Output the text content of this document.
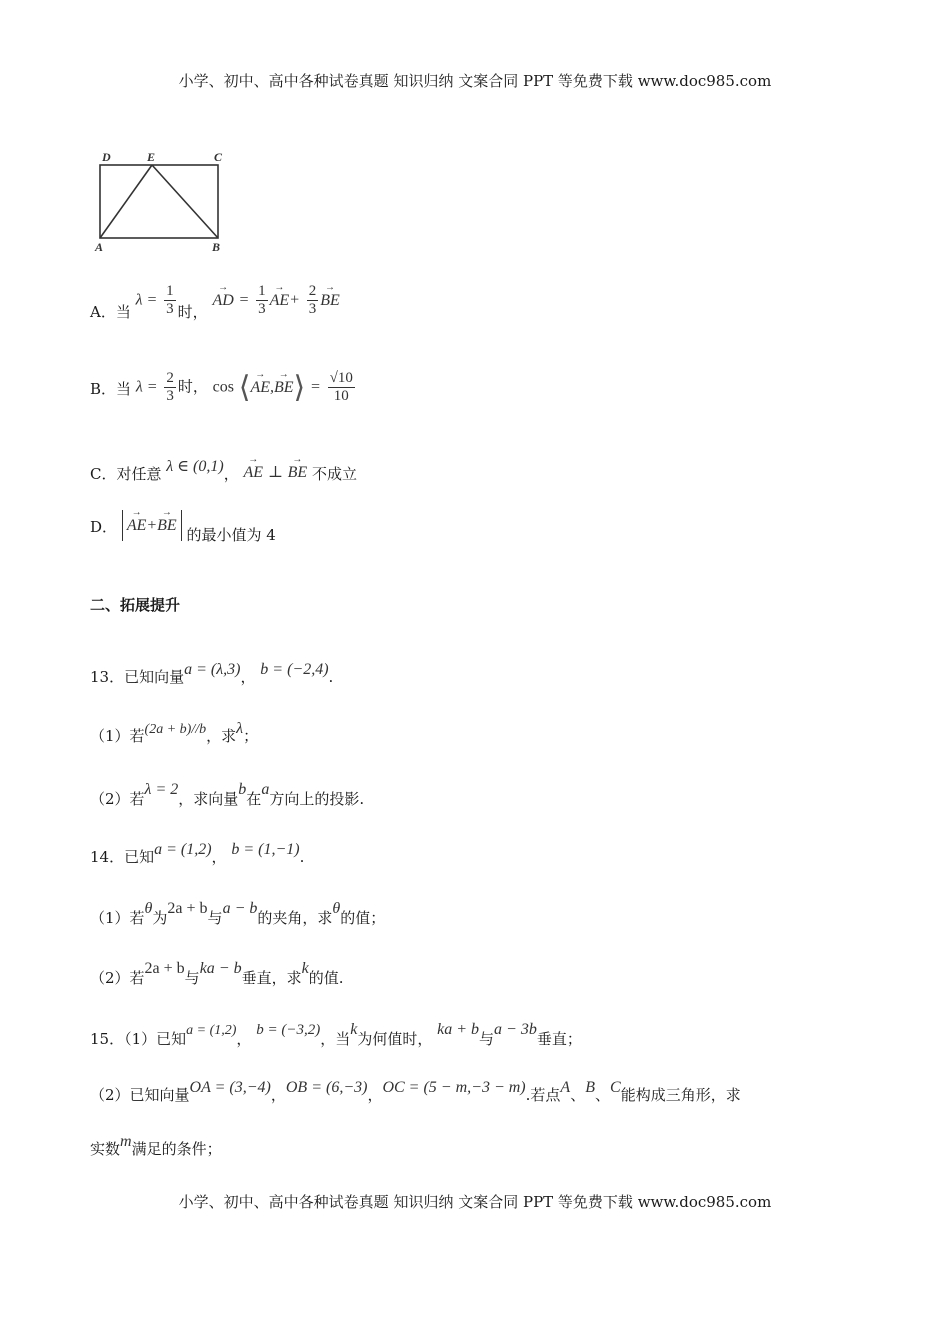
小学、初中、高中各种试卷真题 知识归纳 文案合同 PPT 等免费下载 www.doc985.com
D	E	C
A	B
A．当 $\lambda = \frac{1}{3}$ 时， → AD = $\frac{1}{3}$
→ $AE+ \frac{2}{3}$
→ BE
B．当 $\lambda = \frac{2}{3}$ 时， cos ⟨→ AE,→ BE⟩ = $\frac{√10}{10}$
C．对任意 λ ∈ (0,1)， → AE ⊥ → BE 不成立
D． → AE+→ BE 的最小值为 4
二、拓展提升
13．已知向量a = (λ,3)， b = (−2,4).
（1）若(2a + b)//b，求λ；
（2）若λ = 2，求向量b在a方向上的投影.
14．已知a = (1,2)， b = (1,−1).
（1）若θ为2a + b与a − b的夹角，求θ的值；
（2）若2a + b与ka − b垂直，求k的值.
15．（1）已知a = (1,2)， b = (−3,2)，当k为何值时， ka + b与a − 3b垂直；
（2）已知向量OA = (3,−4)，OB = (6,−3)，OC = (5 − m,−3 − m).若点A、B、C能构成三角形，求
实数m满足的条件；
小学、初中、高中各种试卷真题 知识归纳 文案合同 PPT 等免费下载 www.doc985.com
